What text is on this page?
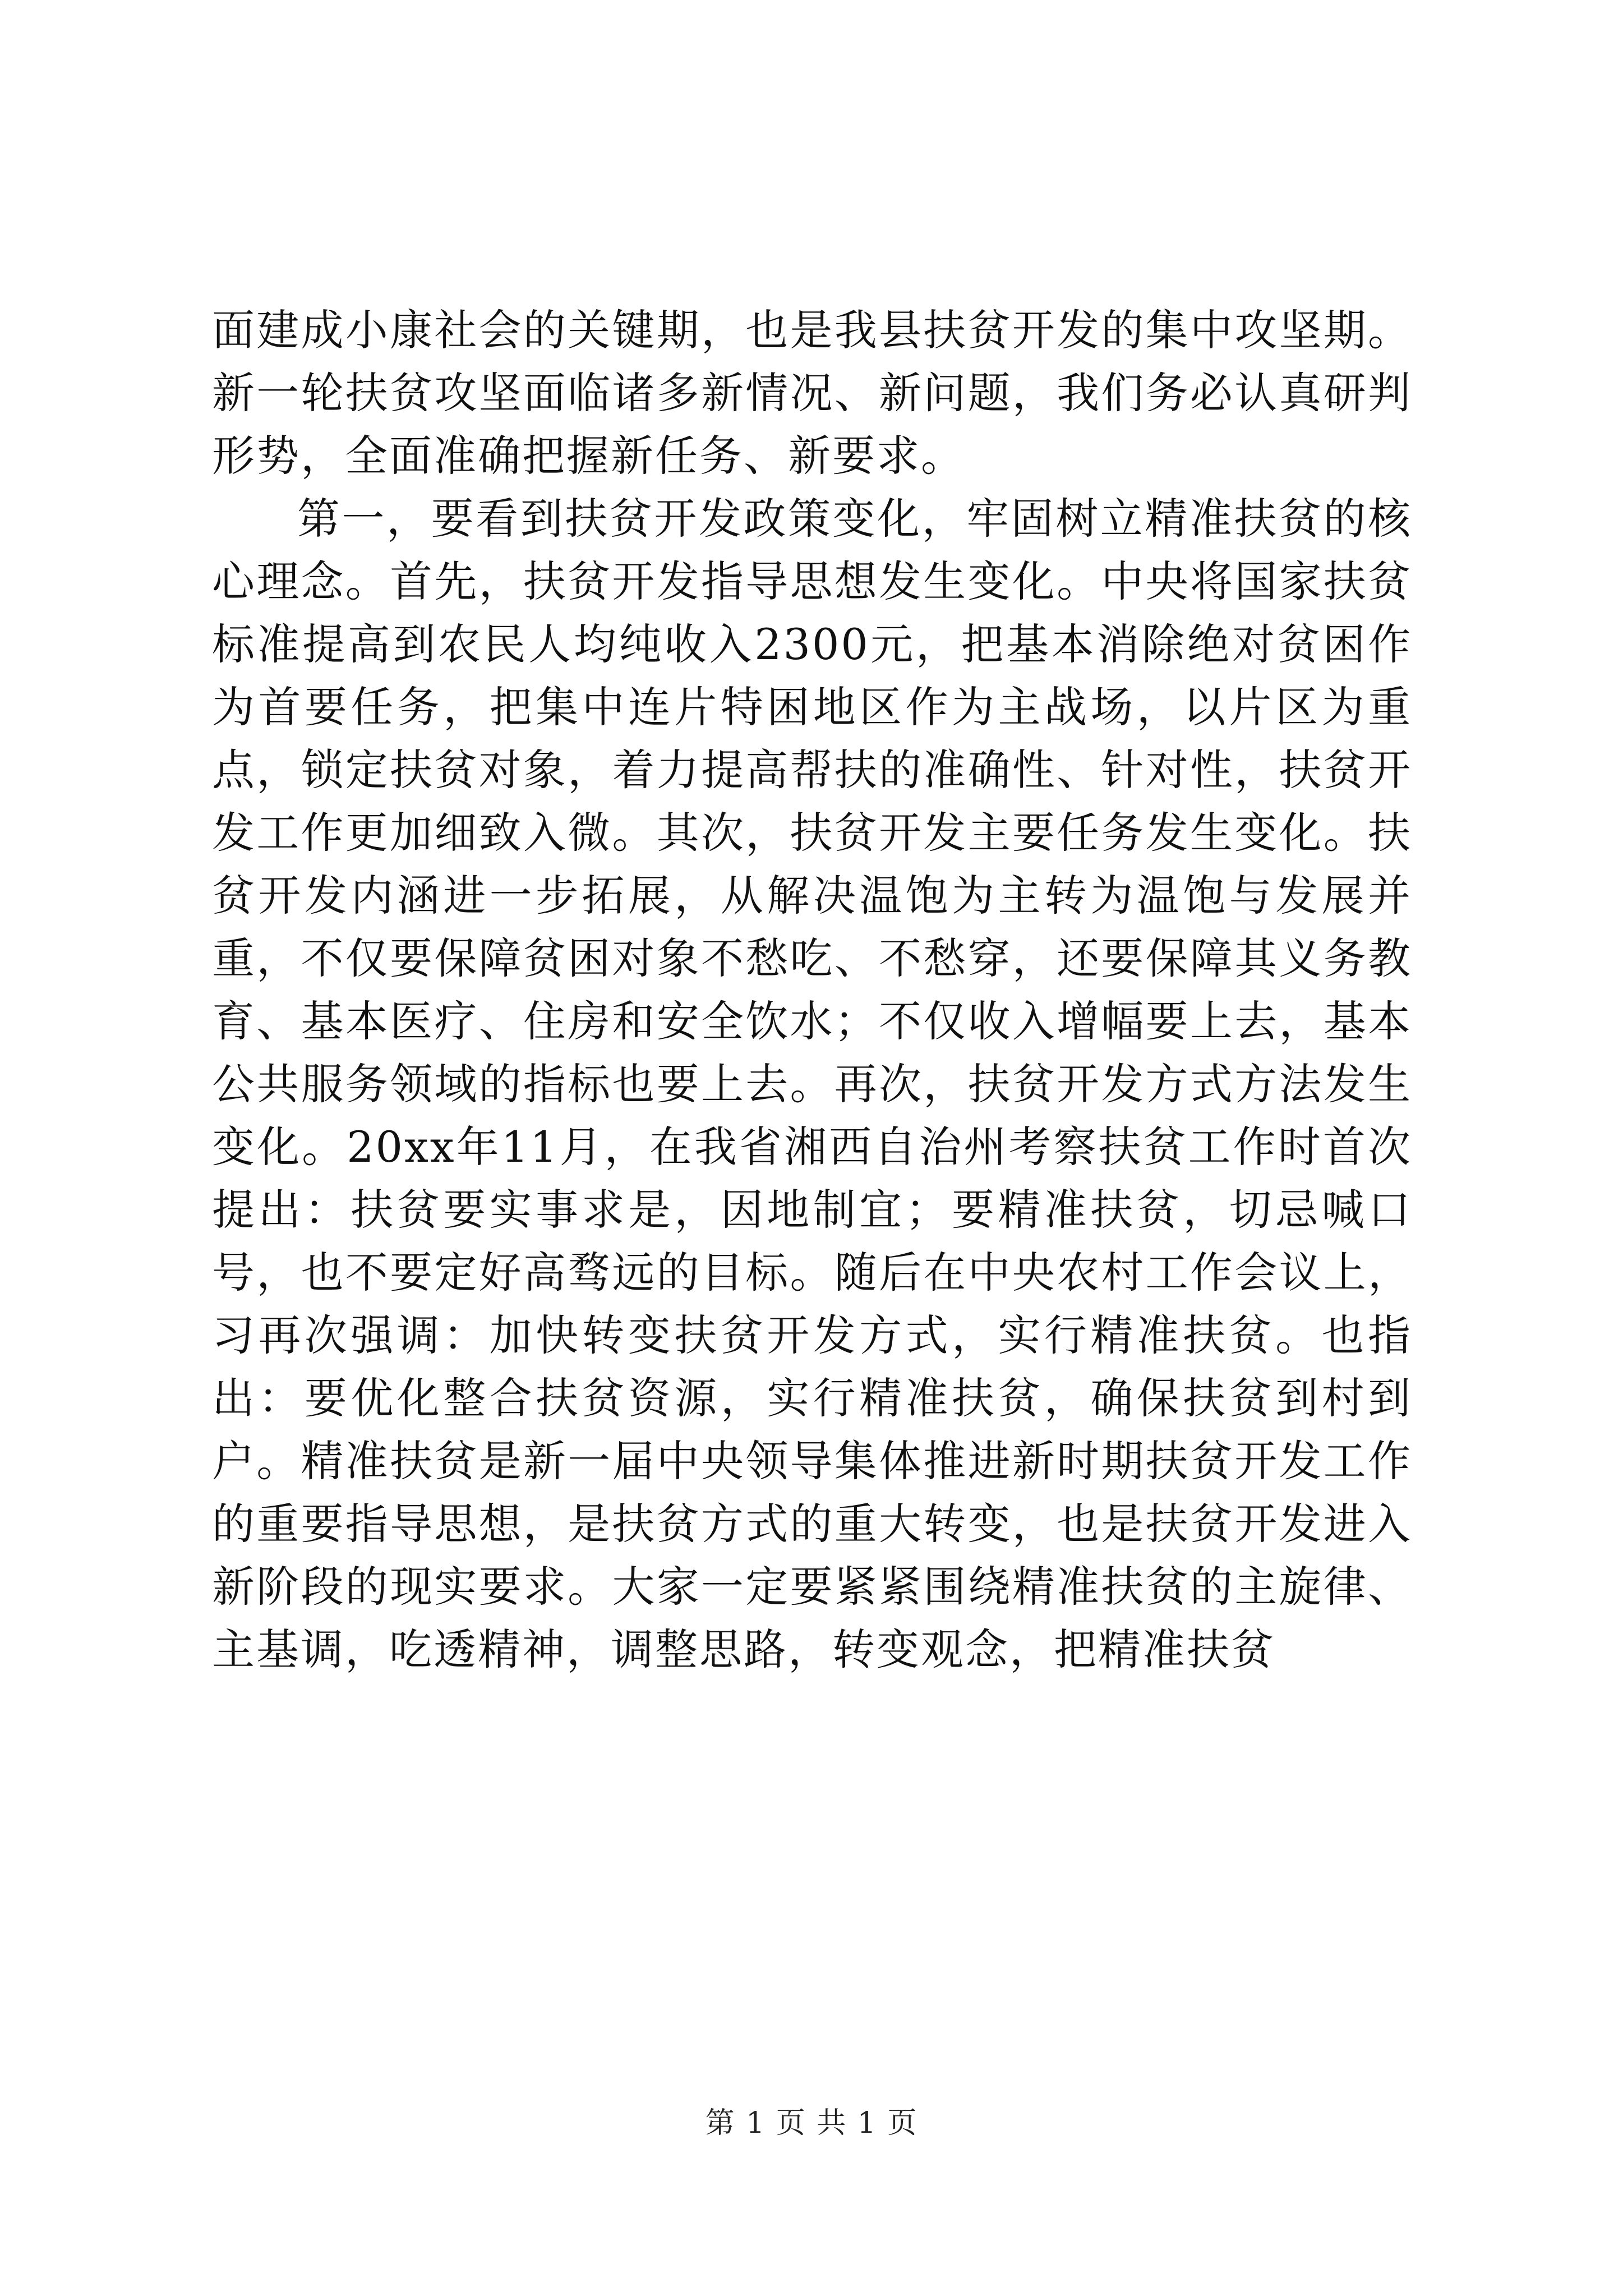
面建成小康社会的关键期，也是我县扶贫开发的集中攻坚期。新一轮扶贫攻坚面临诸多新情况、新问题，我们务必认真研判形势，全面准确把握新任务、新要求。

第一，要看到扶贫开发政策变化，牢固树立精准扶贫的核心理念。首先，扶贫开发指导思想发生变化。中央将国家扶贫标准提高到农民人均纯收入2300元，把基本消除绝对贫困作为首要任务，把集中连片特困地区作为主战场，以片区为重点，锁定扶贫对象，着力提高帮扶的准确性、针对性，扶贫开发工作更加细致入微。其次，扶贫开发主要任务发生变化。扶贫开发内涵进一步拓展，从解决温饱为主转为温饱与发展并重，不仅要保障贫困对象不愁吃、不愁穿，还要保障其义务教育、基本医疗、住房和安全饮水；不仅收入增幅要上去，基本公共服务领域的指标也要上去。再次，扶贫开发方式方法发生变化。20xx年11月，在我省湘西自治州考察扶贫工作时首次提出：扶贫要实事求是，因地制宜；要精准扶贫，切忌喊口号，也不要定好高骛远的目标。随后在中央农村工作会议上，习再次强调：加快转变扶贫开发方式，实行精准扶贫。也指出：要优化整合扶贫资源，实行精准扶贫，确保扶贫到村到户。精准扶贫是新一届中央领导集体推进新时期扶贫开发工作的重要指导思想，是扶贫方式的重大转变，也是扶贫开发进入新阶段的现实要求。大家一定要紧紧围绕精准扶贫的主旋律、主基调，吃透精神，调整思路，转变观念，把精准扶贫

第 1 页 共 1 页
